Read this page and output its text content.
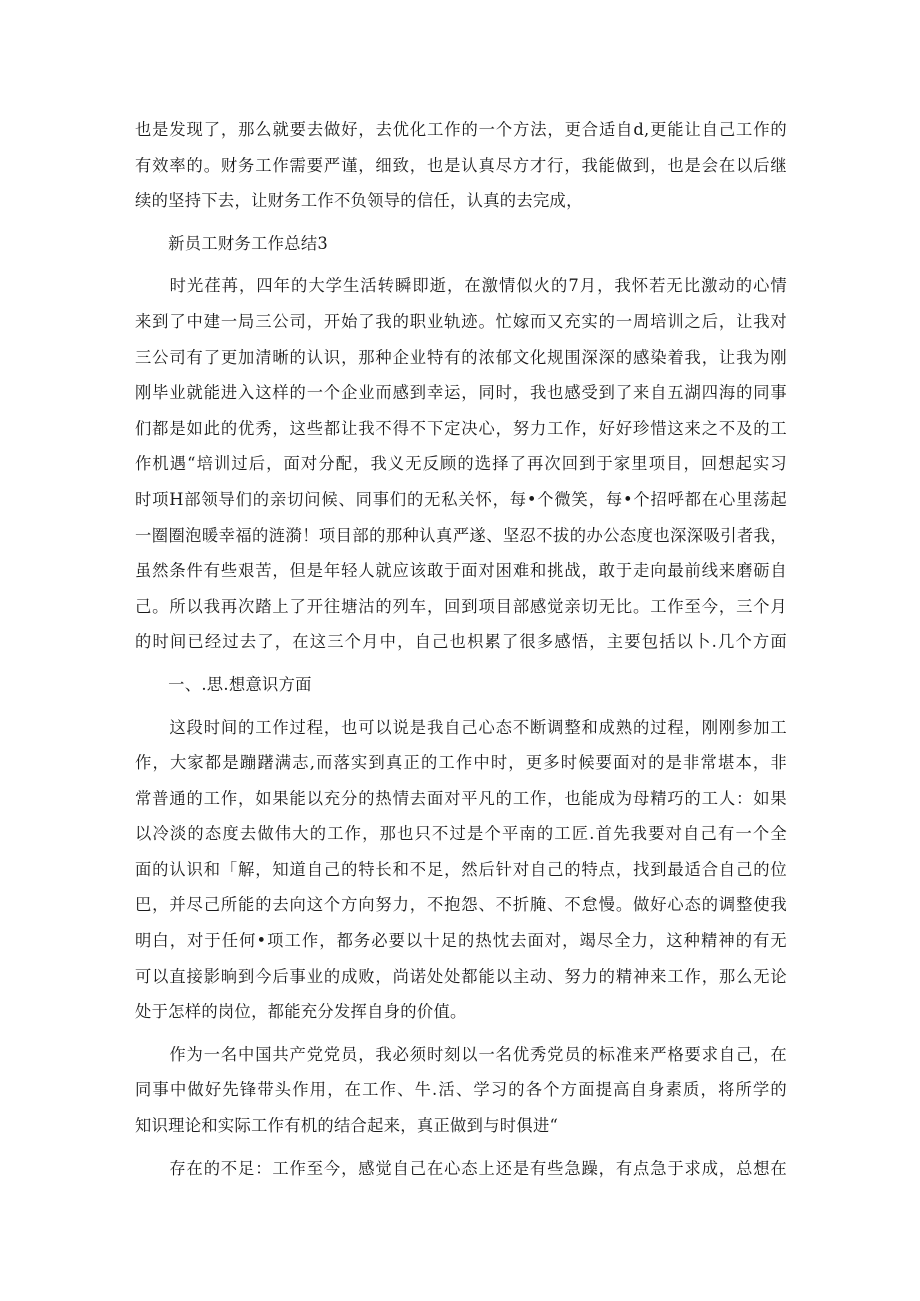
也是发现了，那么就要去做好，去优化工作的一个方法，更合适自d,更能让自己工作的
有效率的。财务工作需要严谨，细致，也是认真尽方才行，我能做到，也是会在以后继
续的坚持下去，让财务工作不负领导的信任，认真的去完成，
　　新员工财务工作总结3
　　时光荏苒，四年的大学生活转瞬即逝，在激情似火的7月，我怀若无比激动的心情
来到了中建一局三公司，开始了我的职业轨迹。忙嫁而又充实的一周培训之后，让我对
三公司有了更加清晰的认识，那种企业特有的浓郁文化规围深深的感染着我，让我为刚
刚毕业就能进入这样的一个企业而感到幸运，同时，我也感受到了来自五湖四海的同事
们都是如此的优秀，这些都让我不得不下定决心，努力工作，好好珍惜这来之不及的工
作机遇“培训过后，面对分配，我义无反顾的选择了再次回到于家里项目，回想起实习
时项H部领导们的亲切问候、同事们的无私关怀，每•个微笑，每•个招呼都在心里荡起
一圈圈泡暖幸福的涟漪！项目部的那种认真严遂、坚忍不拔的办公态度也深深吸引者我，
虽然条件有些艰苦，但是年轻人就应该敢于面对困难和挑战，敢于走向最前线来磨砺自
己。所以我再次踏上了开往塘沽的列车，回到项目部感觉亲切无比。工作至今，三个月
的时间已经过去了，在这三个月中，自己也枳累了很多感悟，主要包括以卜.几个方面
　　一、.思.想意识方面
　　这段时间的工作过程，也可以说是我自己心态不断调整和成熟的过程，刚刚参加工
作，大家都是蹦躇满志,而落实到真正的工作中时，更多时候要面对的是非常堪本，非
常普通的工作，如果能以充分的热情去面对平凡的工作，也能成为母精巧的工人：如果
以冷淡的态度去做伟大的工作，那也只不过是个平南的工匠.首先我要对自己有一个全
面的认识和「解，知道自己的特长和不足，然后针对自己的特点，找到最适合自己的位
巴，并尽己所能的去向这个方向努力，不抱怨、不折腌、不怠慢。做好心态的调整使我
明白，对于任何•项工作，都务必要以十足的热忱去面对，竭尽全力，这种精神的有无
可以直接影晌到今后事业的成败，尚诺处处都能以主动、努力的精神来工作，那么无论
处于怎样的岗位，都能充分发挥自身的价值。
　　作为一名中国共产党党员，我必须时刻以一名优秀党员的标准来严格要求自己，在
同事中做好先锋带头作用，在工作、牛.活、学习的各个方面提高自身素质，将所学的
知识理论和实际工作有机的结合起来，真正做到与时俱进“
　　存在的不足：工作至今，感觉自己在心态上还是有些急躁，有点急于求成，总想在
